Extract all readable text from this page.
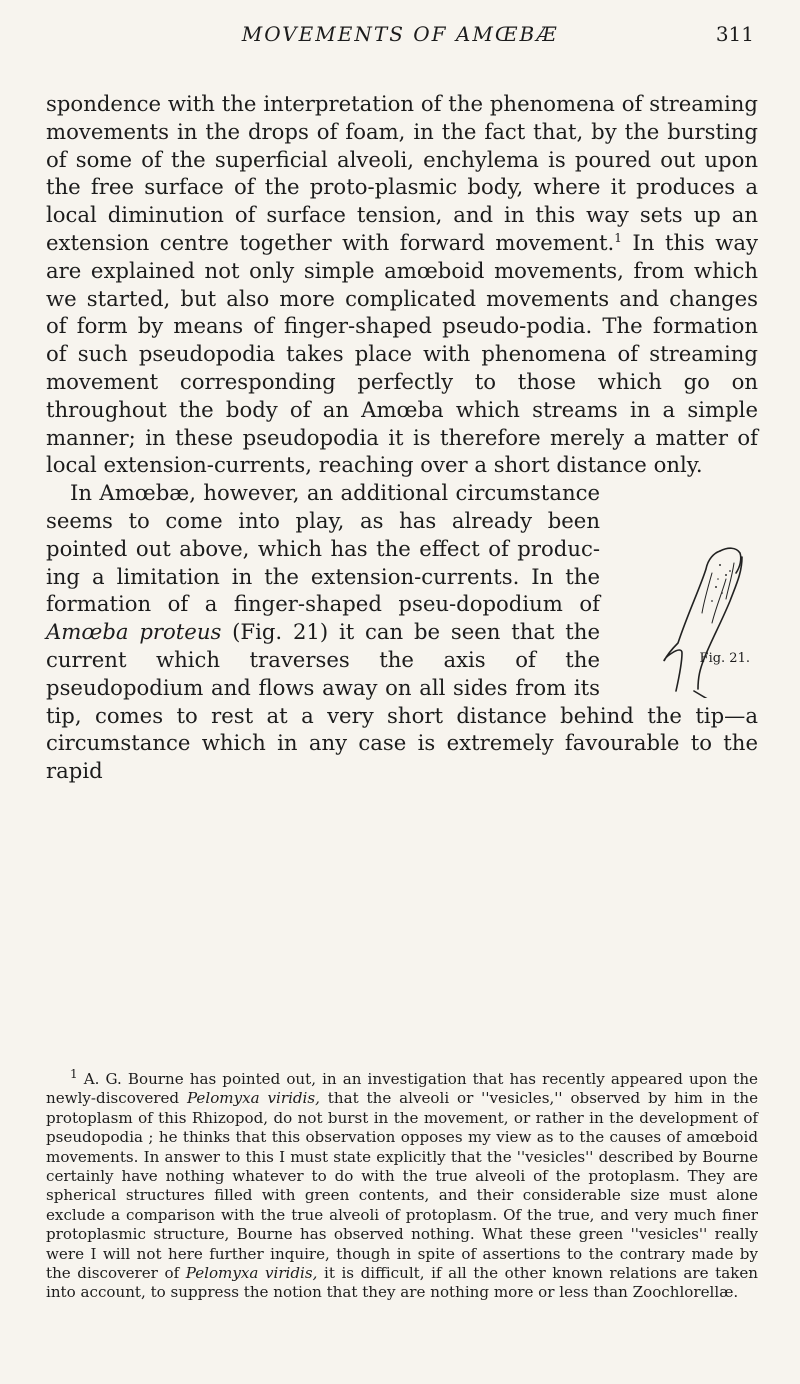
MOVEMENTS OF AMŒBÆ	311

spondence with the interpretation of the phenomena of streaming movements in the drops of foam, in the fact that, by the bursting of some of the superficial alveoli, enchylema is poured out upon the free surface of the proto-plasmic body, where it produces a local diminution of surface tension, and in this way sets up an extension centre together with forward movement.$^1$ In this way are explained not only simple amœboid movements, from which we started, but also more complicated movements and changes of form by means of finger-shaped pseudo-podia. The formation of such pseudopodia takes place with phenomena of streaming movement corresponding perfectly to those which go on throughout the body of an Amœba which streams in a simple manner; in these pseudopodia it is therefore merely a matter of local extension-currents, reaching over a short distance only.

Fig. 21.
In Amœbæ, however, an additional circumstance seems to come into play, as has already been pointed out above, which has the effect of produc-ing a limitation in the extension-currents. In the formation of a finger-shaped pseu-dopodium of Amœba proteus (Fig. 21) it can be seen that the current which traverses the axis of the pseudopodium and flows away on all sides from its tip, comes to rest at a very short distance behind the tip—a circumstance which in any case is extremely favourable to the rapid

$^1$ A. G. Bourne has pointed out, in an investigation that has recently appeared upon the newly-discovered Pelomyxa viridis, that the alveoli or ''vesicles,'' observed by him in the protoplasm of this Rhizopod, do not burst in the movement, or rather in the development of pseudopodia ; he thinks that this observation opposes my view as to the causes of amœboid movements. In answer to this I must state explicitly that the ''vesicles'' described by Bourne certainly have nothing whatever to do with the true alveoli of the protoplasm. They are spherical structures filled with green contents, and their considerable size must alone exclude a comparison with the true alveoli of protoplasm. Of the true, and very much finer protoplasmic structure, Bourne has observed nothing. What these green ''vesicles'' really were I will not here further inquire, though in spite of assertions to the contrary made by the discoverer of Pelomyxa viridis, it is difficult, if all the other known relations are taken into account, to suppress the notion that they are nothing more or less than Zoochlorellæ.
